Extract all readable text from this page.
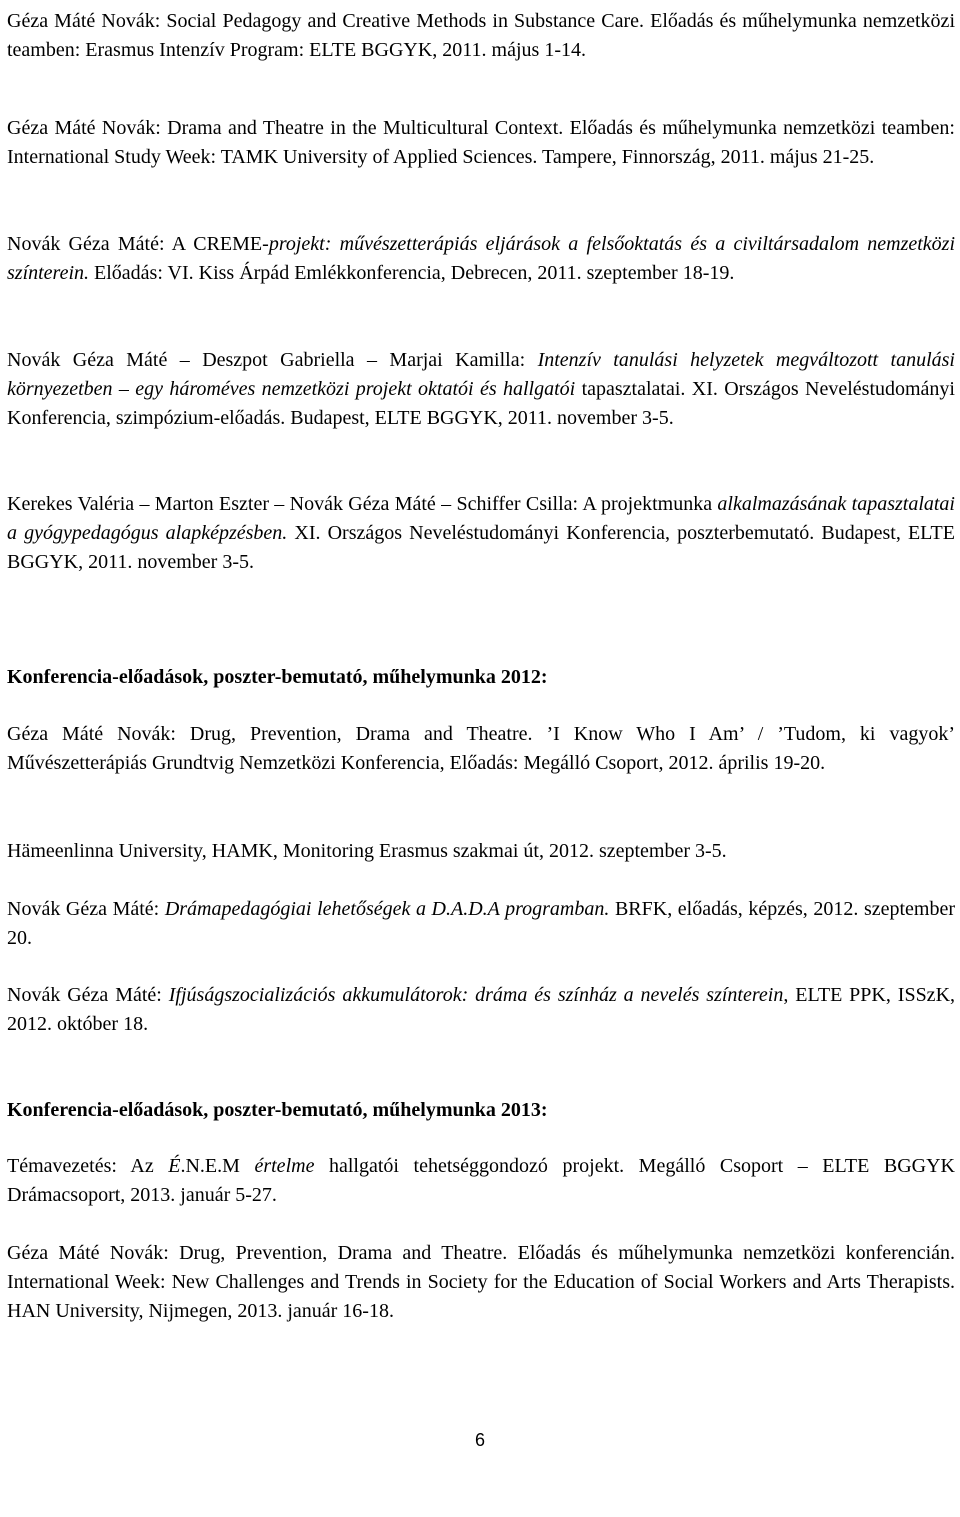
Géza Máté Novák: Social Pedagogy and Creative Methods in Substance Care. Előadás és műhelymunka nemzetközi teamben: Erasmus Intenzív Program: ELTE BGGYK, 2011. május 1-14.

Géza Máté Novák: Drama and Theatre in the Multicultural Context. Előadás és műhelymunka nemzetközi teamben: International Study Week: TAMK University of Applied Sciences. Tampere, Finnország, 2011. május 21-25.

Novák Géza Máté: A CREME-projekt: művészetterápiás eljárások a felsőoktatás és a civiltársadalom nemzetközi színterein. Előadás: VI. Kiss Árpád Emlékkonferencia, Debrecen, 2011. szeptember 18-19.

Novák Géza Máté – Deszpot Gabriella – Marjai Kamilla: Intenzív tanulási helyzetek megváltozott tanulási környezetben – egy hároméves nemzetközi projekt oktatói és hallgatói tapasztalatai. XI. Országos Neveléstudományi Konferencia, szimpózium-előadás. Budapest, ELTE BGGYK, 2011. november 3-5.

Kerekes Valéria – Marton Eszter – Novák Géza Máté – Schiffer Csilla: A projektmunka alkalmazásának tapasztalatai a gyógypedagógus alapképzésben. XI. Országos Neveléstudományi Konferencia, poszterbemutató. Budapest, ELTE BGGYK, 2011. november 3-5.

Konferencia-előadások, poszter-bemutató, műhelymunka 2012:

Géza Máté Novák: Drug, Prevention, Drama and Theatre. ’I Know Who I Am’ / ’Tudom, ki vagyok’ Művészetterápiás Grundtvig Nemzetközi Konferencia, Előadás: Megálló Csoport, 2012. április 19-20.

Hämeenlinna University, HAMK, Monitoring Erasmus szakmai út, 2012. szeptember 3-5.

Novák Géza Máté: Drámapedagógiai lehetőségek a D.A.D.A programban. BRFK, előadás, képzés, 2012. szeptember 20.

Novák Géza Máté: Ifjúságszocializációs akkumulátorok: dráma és színház a nevelés színterein, ELTE PPK, ISSzK, 2012. október 18.

Konferencia-előadások, poszter-bemutató, műhelymunka 2013:

Témavezetés: Az É.N.E.M értelme hallgatói tehetséggondozó projekt. Megálló Csoport – ELTE BGGYK Drámacsoport, 2013. január 5-27.

Géza Máté Novák: Drug, Prevention, Drama and Theatre. Előadás és műhelymunka nemzetközi konferencián. International Week: New Challenges and Trends in Society for the Education of Social Workers and Arts Therapists. HAN University, Nijmegen, 2013. január 16-18.

6
